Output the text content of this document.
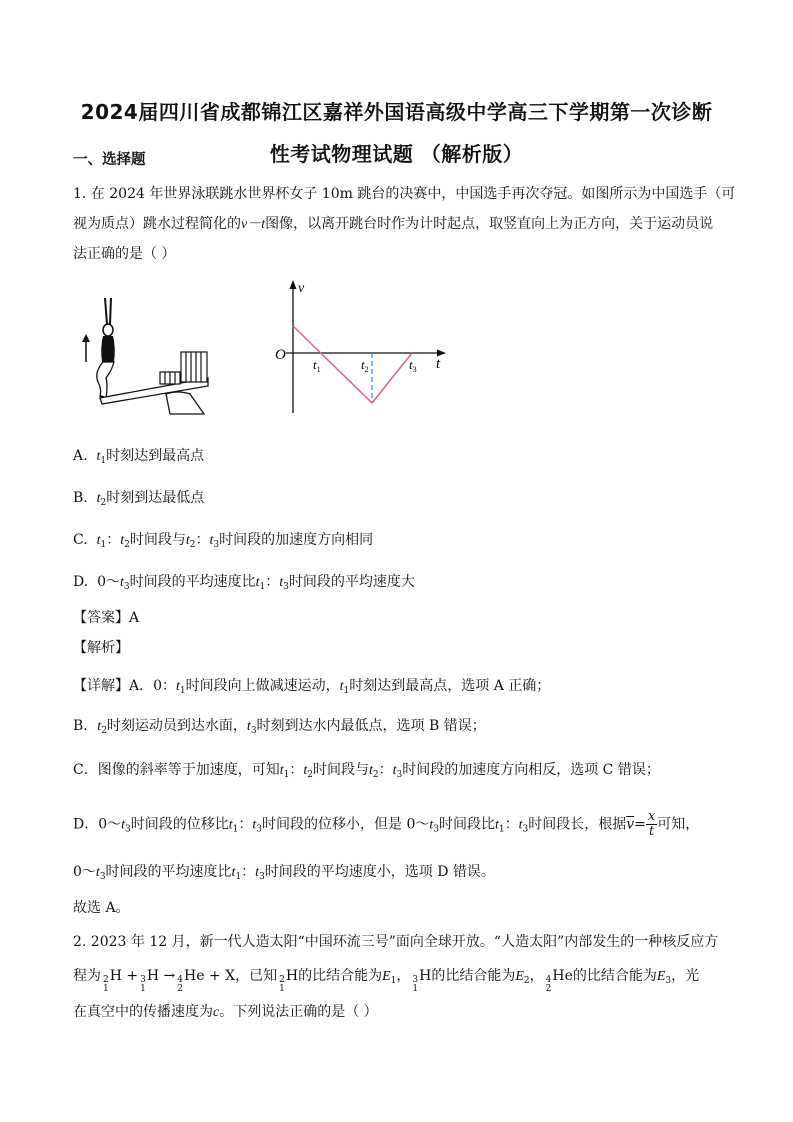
2024届四川省成都锦江区嘉祥外国语高级中学高三下学期第一次诊断
性考试物理试题 （解析版）
一、选择题
1. 在 2024 年世界泳联跳水世界杯女子 10m 跳台的决赛中，中国选手再次夺冠。如图所示为中国选手（可
视为质点）跳水过程简化的v－t图像，以离开跳台时作为计时起点，取竖直向上为正方向，关于运动员说
法正确的是（ ）
v
t
O
$t_1$	$t_2$	$t_3$
A. $t_1$时刻达到最高点
B. $t_2$时刻到达最低点
C. $t_1$：$t_2$时间段与$t_2$：$t_3$时间段的加速度方向相同
D. $0\sim t_3$时间段的平均速度比$t_1$：$t_3$时间段的平均速度大
【答案】A
【解析】
【详解】A．0：$t_1$时间段向上做减速运动，$t_1$时刻达到最高点，选项 A 正确；
B．$t_2$时刻运动员到达水面，$t_3$时刻到达水内最低点，选项 B 错误；
C．图像的斜率等于加速度，可知$t_1$：$t_2$时间段与$t_2$：$t_3$时间段的加速度方向相反，选项 C 错误；
D．$0\sim t_3$时间段的位移比$t_1$：$t_3$时间段的位移小，但是 $0\sim t_3$时间段比$t_1$：$t_3$时间段长，根据$\overline{v}= \frac{x}{t}$ 可知，
$0\sim t_3$时间段的平均速度比$t_1$：$t_3$时间段的平均速度小，选项 D 错误。
故选 A。
2. 2023 年 12 月，新一代人造太阳“中国环流三号”面向全球开放。“人造太阳”内部发生的一种核反应方
程为 2
1
H + 3
1
H → 4
2
He + X，已知 2
1
H的比结合能为$E_1$， 3
1
H的比结合能为$E_2$， 4
2
He的比结合能为$E_3$，光
在真空中的传播速度为c。下列说法正确的是（ ）
